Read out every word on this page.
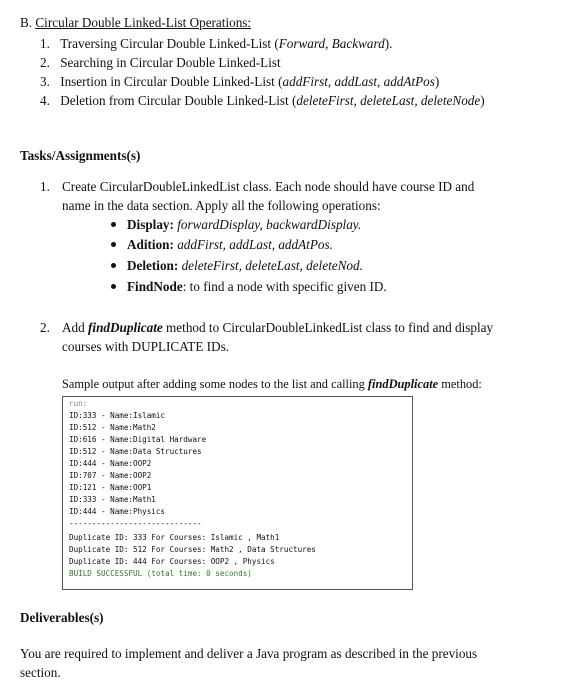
B. Circular Double Linked-List Operations:
1. Traversing Circular Double Linked-List (Forward, Backward).
2. Searching in Circular Double Linked-List
3. Insertion in Circular Double Linked-List (addFirst, addLast, addAtPos)
4. Deletion from Circular Double Linked-List (deleteFirst, deleteLast, deleteNode)
Tasks/Assignments(s)
1. Create CircularDoubleLinkedList class. Each node should have course ID and
name in the data section. Apply all the following operations:
Display: forwardDisplay, backwardDisplay.
Adition: addFirst, addLast, addAtPos.
Deletion: deleteFirst, deleteLast, deleteNod.
FindNode: to find a node with specific given ID.
2. Add findDuplicate method to CircularDoubleLinkedList class to find and display
courses with DUPLICATE IDs.
Sample output after adding some nodes to the list and calling findDuplicate method:
run:
ID:333 - Name:Islamic
ID:512 - Name:Math2
ID:616 - Name:Digital Hardware
ID:512 - Name:Data Structures
ID:444 - Name:OOP2
ID:707 - Name:OOP2
ID:121 - Name:OOP1
ID:333 - Name:Math1
ID:444 - Name:Physics
-----------------------------
Duplicate ID: 333 For Courses: Islamic , Math1
Duplicate ID: 512 For Courses: Math2 , Data Structures
Duplicate ID: 444 For Courses: OOP2 , Physics
BUILD SUCCESSFUL (total time: 0 seconds)
Deliverables(s)
You are required to implement and deliver a Java program as described in the previous
section.
